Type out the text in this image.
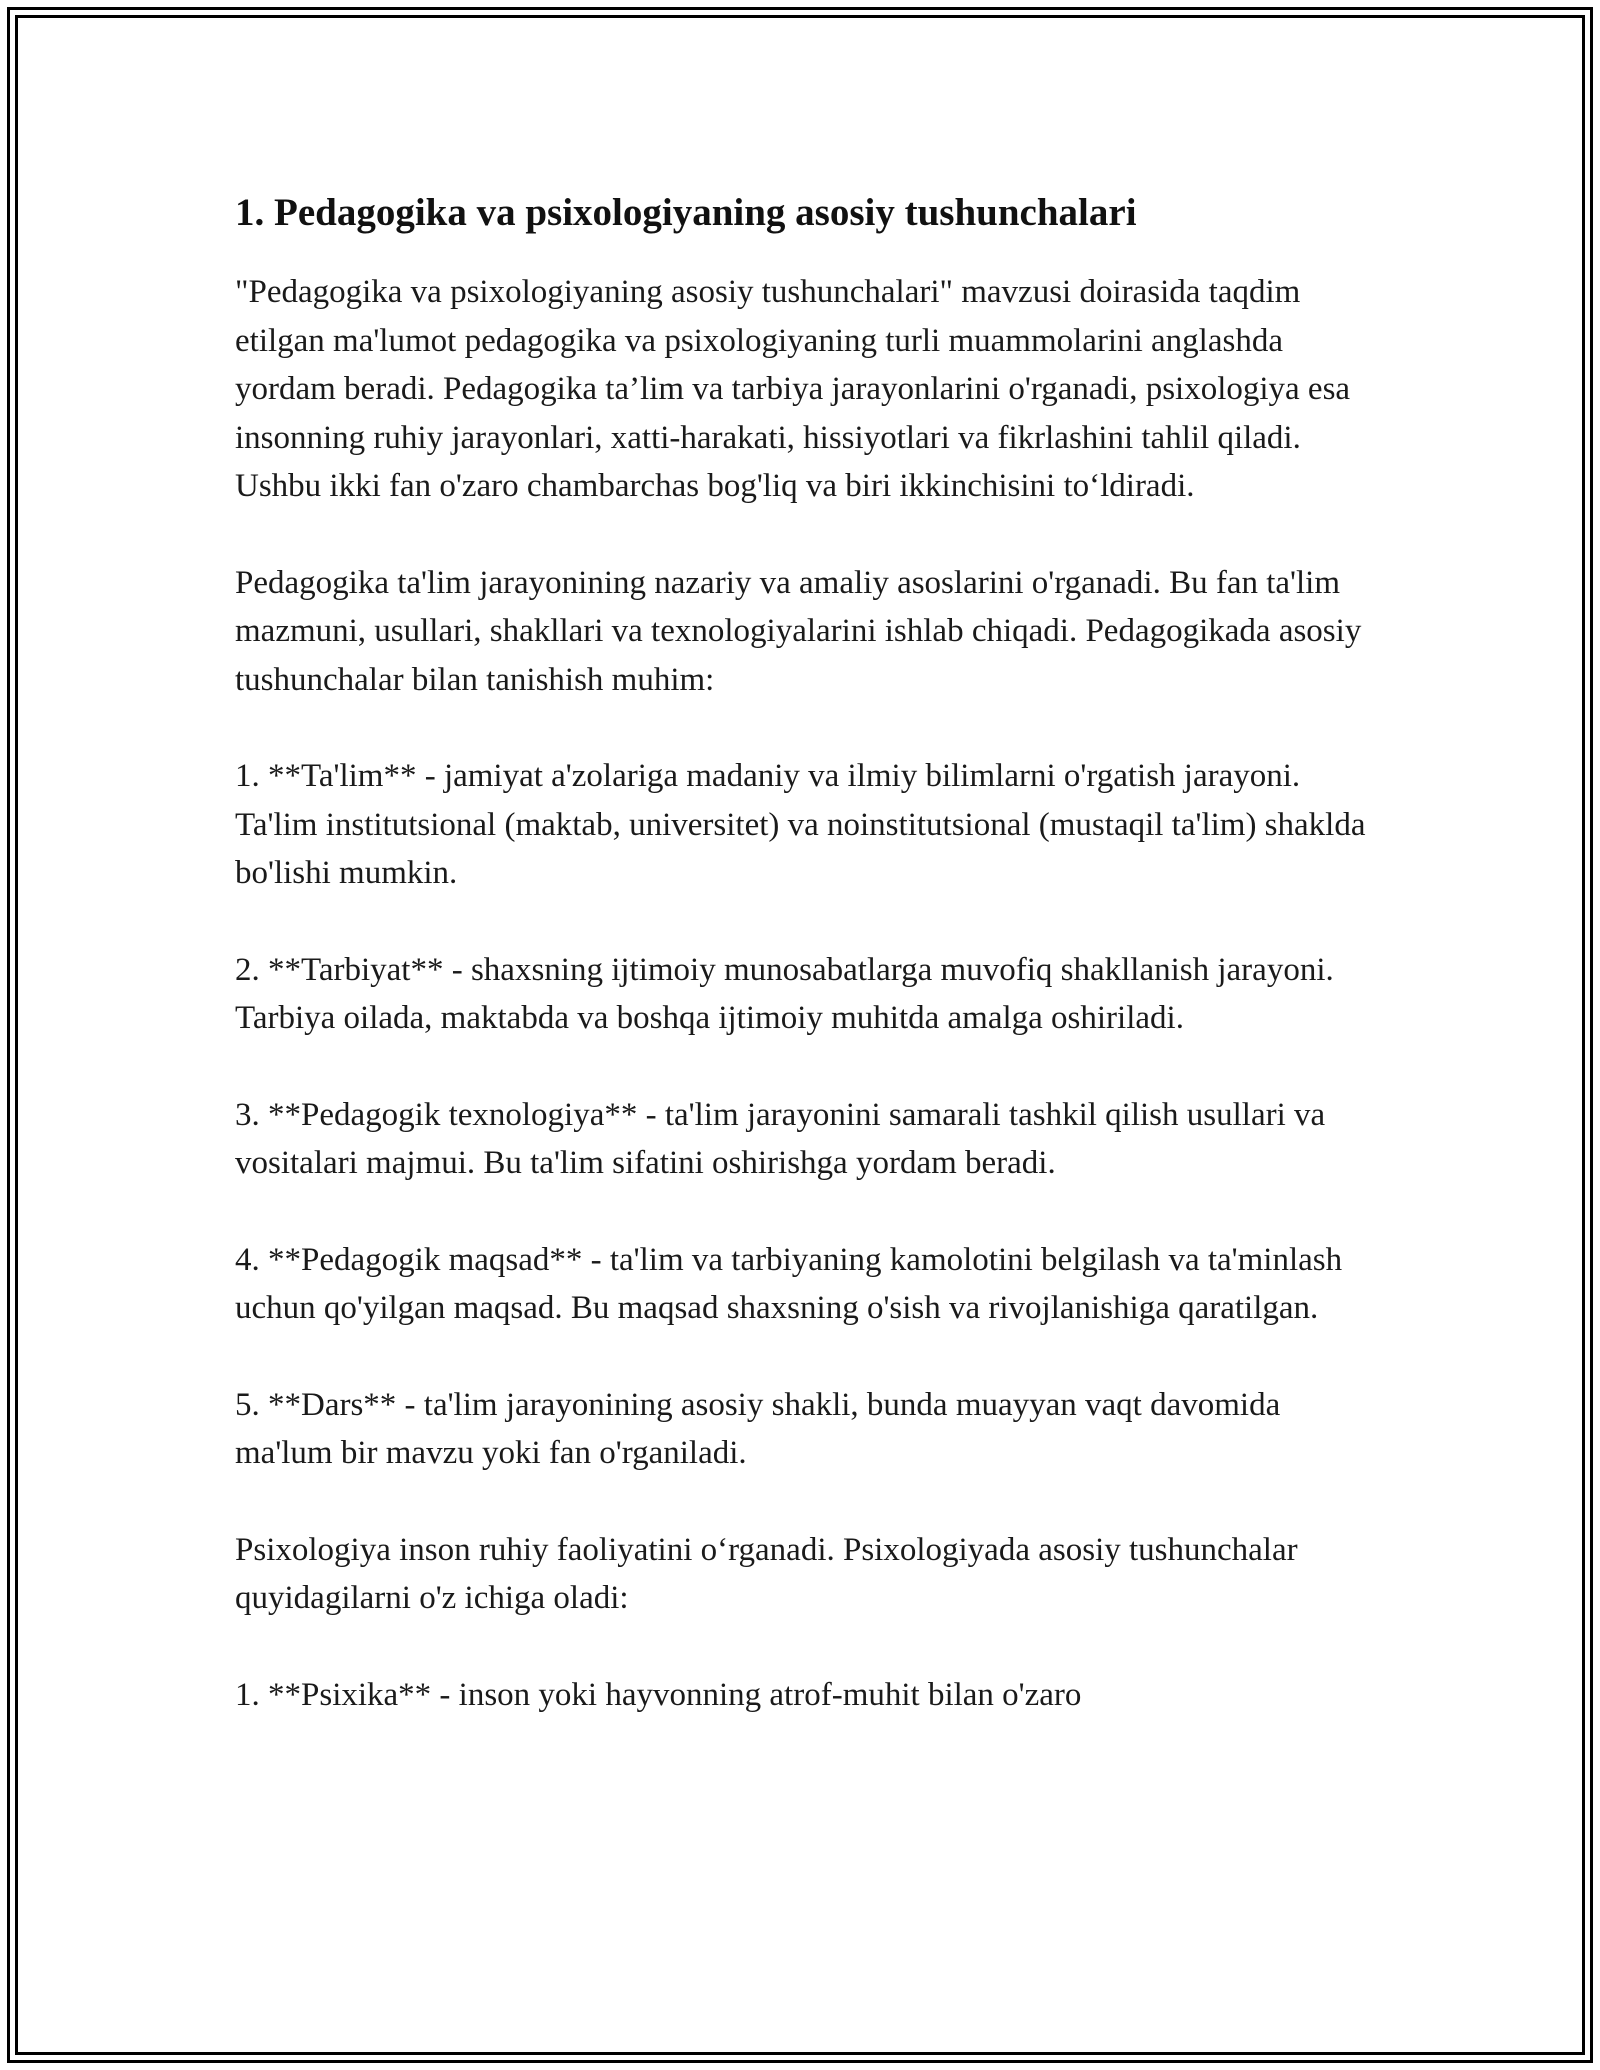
1. Pedagogika va psixologiyaning asosiy tushunchalari

"Pedagogika va psixologiyaning asosiy tushunchalari" mavzusi doirasida taqdim etilgan ma'lumot pedagogika va psixologiyaning turli muammolarini anglashda yordam beradi. Pedagogika ta’lim va tarbiya jarayonlarini o'rganadi, psixologiya esa insonning ruhiy jarayonlari, xatti-harakati, hissiyotlari va fikrlashini tahlil qiladi. Ushbu ikki fan o'zaro chambarchas bog'liq va biri ikkinchisini to‘ldiradi.

Pedagogika ta'lim jarayonining nazariy va amaliy asoslarini o'rganadi. Bu fan ta'lim mazmuni, usullari, shakllari va texnologiyalarini ishlab chiqadi. Pedagogikada asosiy tushunchalar bilan tanishish muhim:

1. **Ta'lim** - jamiyat a'zolariga madaniy va ilmiy bilimlarni o'rgatish jarayoni. Ta'lim institutsional (maktab, universitet) va noinstitutsional (mustaqil ta'lim) shaklda bo'lishi mumkin.

2. **Tarbiyat** - shaxsning ijtimoiy munosabatlarga muvofiq shakllanish jarayoni. Tarbiya oilada, maktabda va boshqa ijtimoiy muhitda amalga oshiriladi.

3. **Pedagogik texnologiya** - ta'lim jarayonini samarali tashkil qilish usullari va vositalari majmui. Bu ta'lim sifatini oshirishga yordam beradi.

4. **Pedagogik maqsad** - ta'lim va tarbiyaning kamolotini belgilash va ta'minlash uchun qo'yilgan maqsad. Bu maqsad shaxsning o'sish va rivojlanishiga qaratilgan.

5. **Dars** - ta'lim jarayonining asosiy shakli, bunda muayyan vaqt davomida ma'lum bir mavzu yoki fan o'rganiladi.

Psixologiya inson ruhiy faoliyatini o‘rganadi. Psixologiyada asosiy tushunchalar quyidagilarni o'z ichiga oladi:

1. **Psixika** - inson yoki hayvonning atrof-muhit bilan o'zaro
